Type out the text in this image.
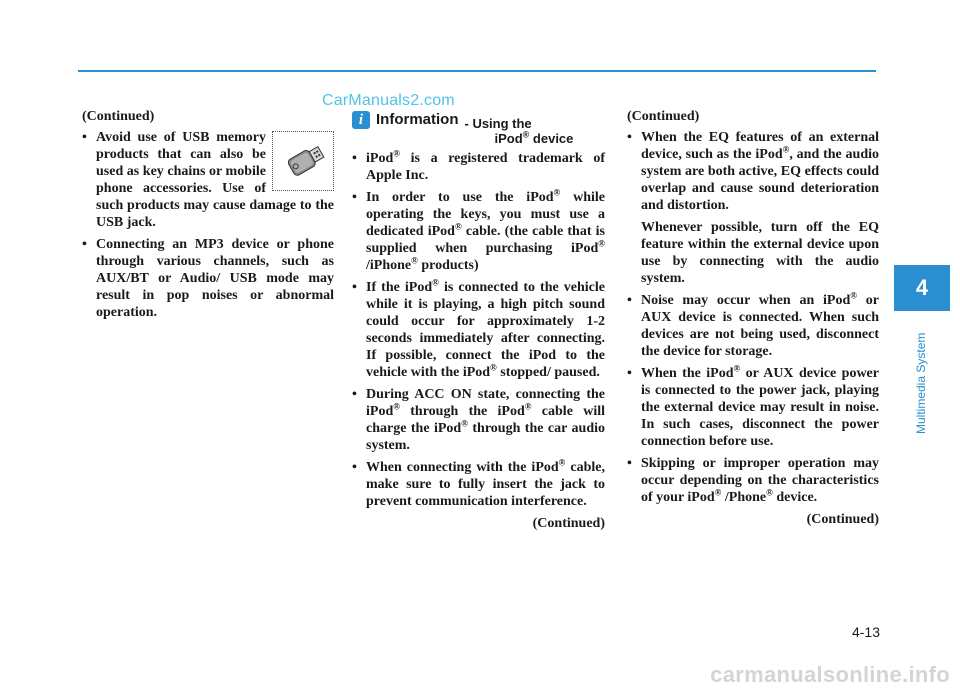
CarManuals2.com
(Continued)
• Avoid use of USB memory products that can also be used as key chains or mobile phone accessories. Use of such products may cause damage to the USB jack.
• Connecting an MP3 device or phone through various channels, such as AUX/BT or Audio/ USB mode may result in pop noises or abnormal operation.
i Information - Using the
iPod® device
• iPod® is a registered trademark of Apple Inc.
• In order to use the iPod® while operating the keys, you must use a dedicated iPod® cable. (the cable that is supplied when purchasing iPod® /iPhone® products)
• If the iPod® is connected to the vehicle while it is playing, a high pitch sound could occur for approximately 1-2 seconds immediately after connecting. If possible, connect the iPod to the vehicle with the iPod® stopped/ paused.
• During ACC ON state, connecting the iPod® through the iPod® cable will charge the iPod® through the car audio system.
• When connecting with the iPod® cable, make sure to fully insert the jack to prevent communication interference.
(Continued)
(Continued)
• When the EQ features of an external device, such as the iPod®, and the audio system are both active, EQ effects could overlap and cause sound deterioration and distortion.
Whenever possible, turn off the EQ feature within the external device upon use by connecting with the audio system.
• Noise may occur when an iPod® or AUX device is connected. When such devices are not being used, disconnect the device for storage.
• When the iPod® or AUX device power is connected to the power jack, playing the external device may result in noise. In such cases, disconnect the power connection before use.
• Skipping or improper operation may occur depending on the characteristics of your iPod® /Phone® device.
(Continued)
4
Multimedia System
4-13
carmanualsonline.info
